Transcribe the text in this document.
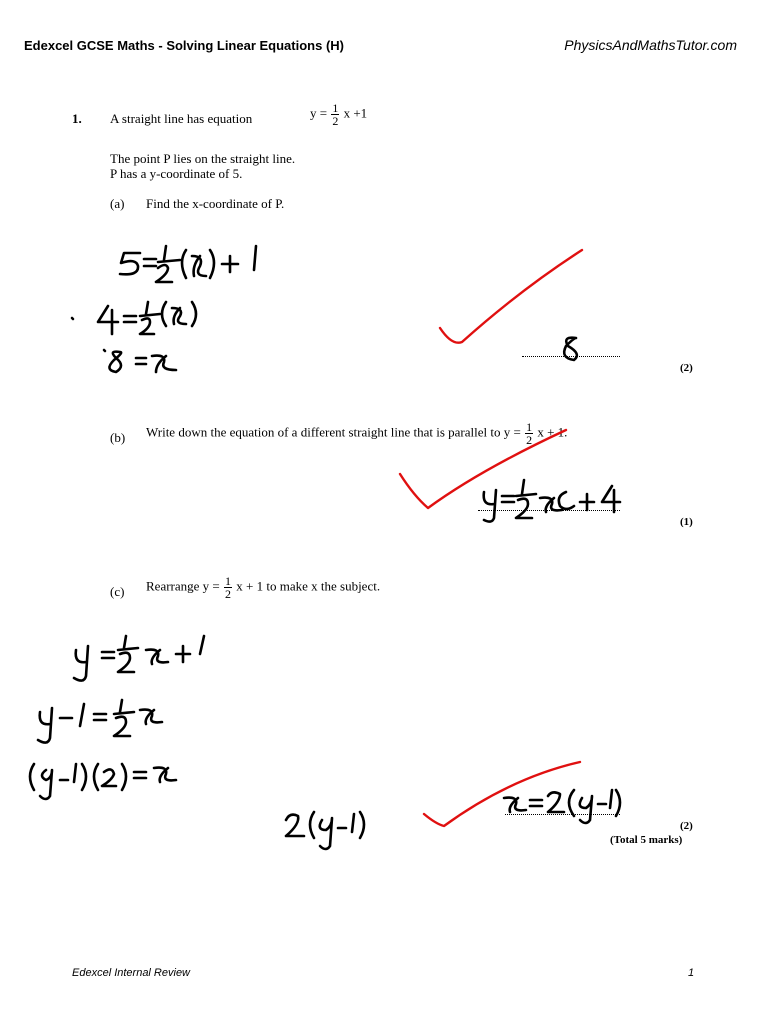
Edexcel GCSE Maths - Solving Linear Equations (H)	PhysicsAndMathsTutor.com
1. A straight line has equation	$y = \frac{1}{2}$ x +1
The point P lies on the straight line.
P has a y-coordinate of 5.
(a) Find the x-coordinate of P.
(2)
(b) Write down the equation of a different straight line that is parallel to $y = \frac{1}{2}$ x + 1.
(1)
(c) Rearrange $y = \frac{1}{2}$ x + 1 to make x the subject.
(2)
(Total 5 marks)
Edexcel Internal Review	1
